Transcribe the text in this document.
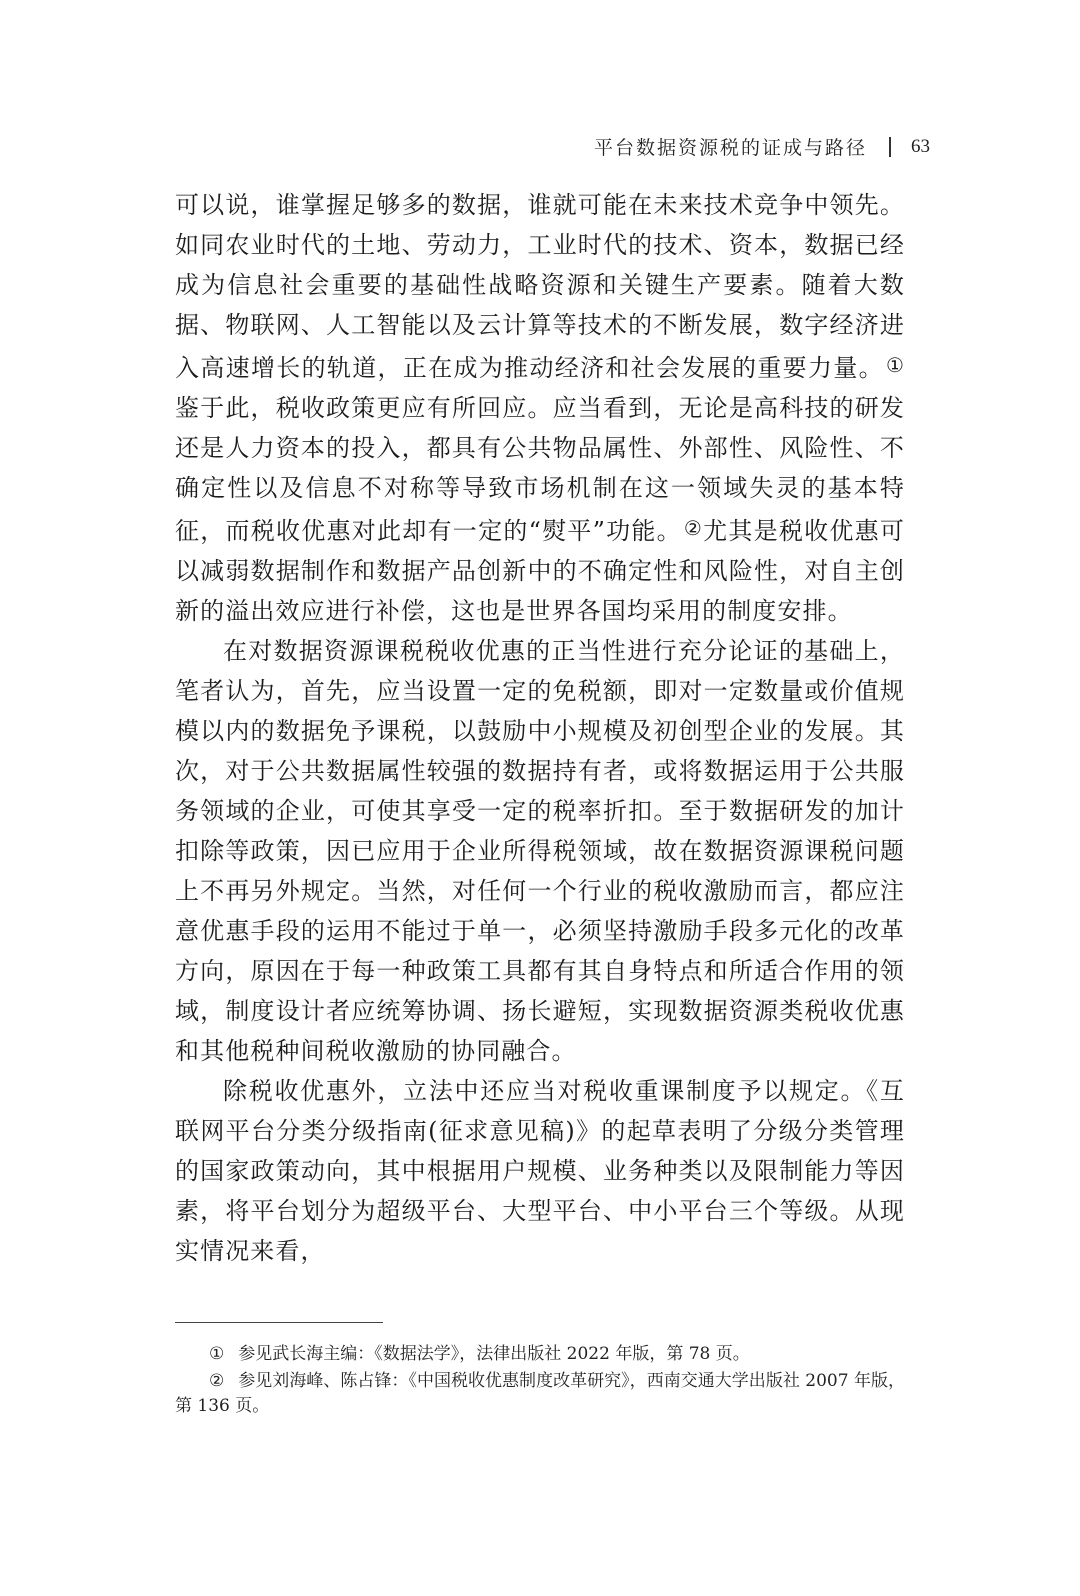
平台数据资源税的证成与路径 63

可以说，谁掌握足够多的数据，谁就可能在未来技术竞争中领先。如同农业时代的土地、劳动力，工业时代的技术、资本，数据已经成为信息社会重要的基础性战略资源和关键生产要素。随着大数据、物联网、人工智能以及云计算等技术的不断发展，数字经济进入高速增长的轨道，正在成为推动经济和社会发展的重要力量。 ①鉴于此，税收政策更应有所回应。应当看到，无论是高科技的研发还是人力资本的投入，都具有公共物品属性、外部性、风险性、不确定性以及信息不对称等导致市场机制在这一领域失灵的基本特征，而税收优惠对此却有一定的“熨平”功能。 ②尤其是税收优惠可以减弱数据制作和数据产品创新中的不确定性和风险性，对自主创新的溢出效应进行补偿，这也是世界各国均采用的制度安排。

在对数据资源课税税收优惠的正当性进行充分论证的基础上，笔者认为，首先，应当设置一定的免税额，即对一定数量或价值规模以内的数据免予课税，以鼓励中小规模及初创型企业的发展。其次，对于公共数据属性较强的数据持有者，或将数据运用于公共服务领域的企业，可使其享受一定的税率折扣。至于数据研发的加计扣除等政策，因已应用于企业所得税领域，故在数据资源课税问题上不再另外规定。当然，对任何一个行业的税收激励而言，都应注意优惠手段的运用不能过于单一，必须坚持激励手段多元化的改革方向，原因在于每一种政策工具都有其自身特点和所适合作用的领域，制度设计者应统筹协调、扬长避短，实现数据资源类税收优惠和其他税种间税收激励的协同融合。

除税收优惠外，立法中还应当对税收重课制度予以规定。《互联网平台分类分级指南(征求意见稿)》的起草表明了分级分类管理的国家政策动向，其中根据用户规模、业务种类以及限制能力等因素，将平台划分为超级平台、大型平台、中小平台三个等级。从现实情况来看，

① 参见武长海主编：《数据法学》，法律出版社 2022 年版，第 78 页。

② 参见刘海峰、陈占锋：《中国税收优惠制度改革研究》，西南交通大学出版社 2007 年版，第 136 页。
